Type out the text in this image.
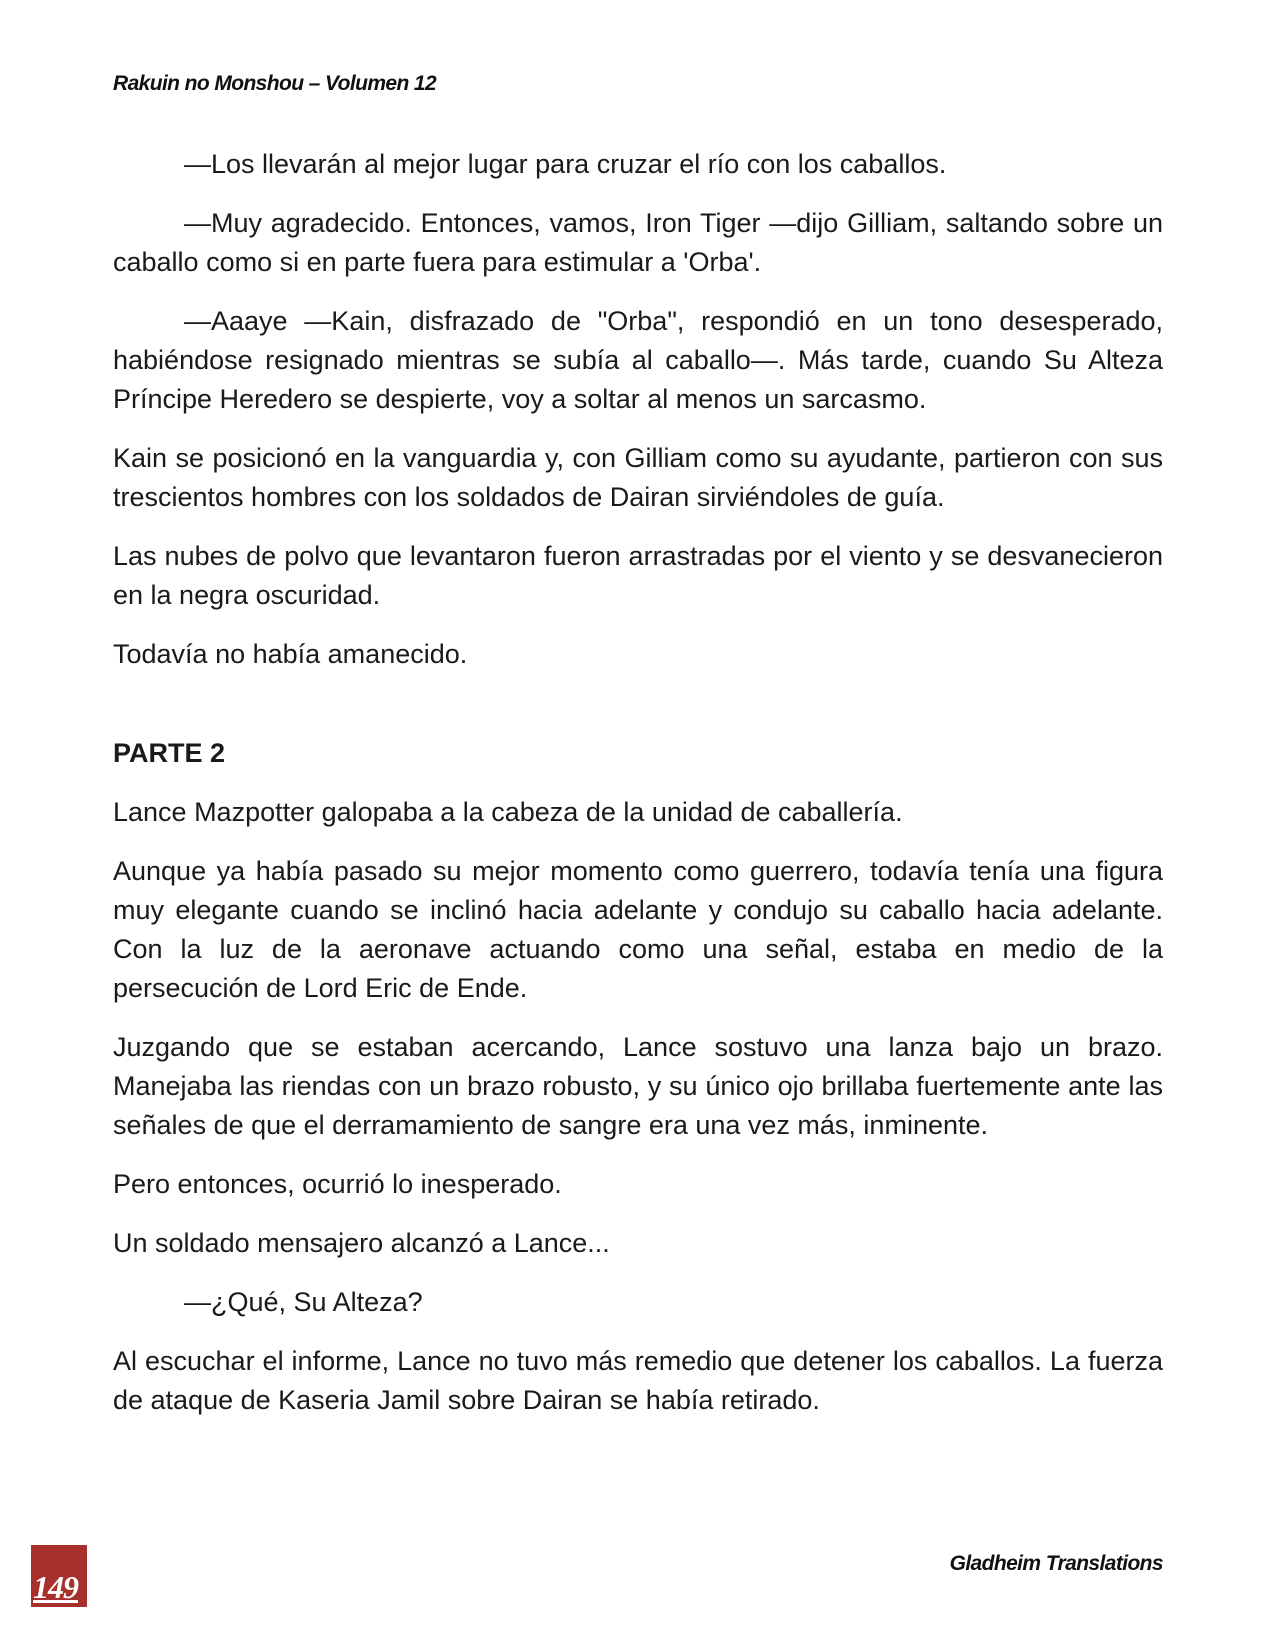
Rakuin no Monshou – Volumen 12

—Los llevarán al mejor lugar para cruzar el río con los caballos.

—Muy agradecido. Entonces, vamos, Iron Tiger —dijo Gilliam, saltando sobre un caballo como si en parte fuera para estimular a 'Orba'.

—Aaaye —Kain, disfrazado de "Orba", respondió en un tono desesperado, habiéndose resignado mientras se subía al caballo—. Más tarde, cuando Su Alteza Príncipe Heredero se despierte, voy a soltar al menos un sarcasmo.

Kain se posicionó en la vanguardia y, con Gilliam como su ayudante, partieron con sus trescientos hombres con los soldados de Dairan sirviéndoles de guía.

Las nubes de polvo que levantaron fueron arrastradas por el viento y se desvanecieron en la negra oscuridad.

Todavía no había amanecido.

PARTE 2

Lance Mazpotter galopaba a la cabeza de la unidad de caballería.

Aunque ya había pasado su mejor momento como guerrero, todavía tenía una figura muy elegante cuando se inclinó hacia adelante y condujo su caballo hacia adelante. Con la luz de la aeronave actuando como una señal, estaba en medio de la persecución de Lord Eric de Ende.

Juzgando que se estaban acercando, Lance sostuvo una lanza bajo un brazo. Manejaba las riendas con un brazo robusto, y su único ojo brillaba fuertemente ante las señales de que el derramamiento de sangre era una vez más, inminente.

Pero entonces, ocurrió lo inesperado.

Un soldado mensajero alcanzó a Lance...

—¿Qué, Su Alteza?

Al escuchar el informe, Lance no tuvo más remedio que detener los caballos. La fuerza de ataque de Kaseria Jamil sobre Dairan se había retirado.

149
Gladheim Translations
